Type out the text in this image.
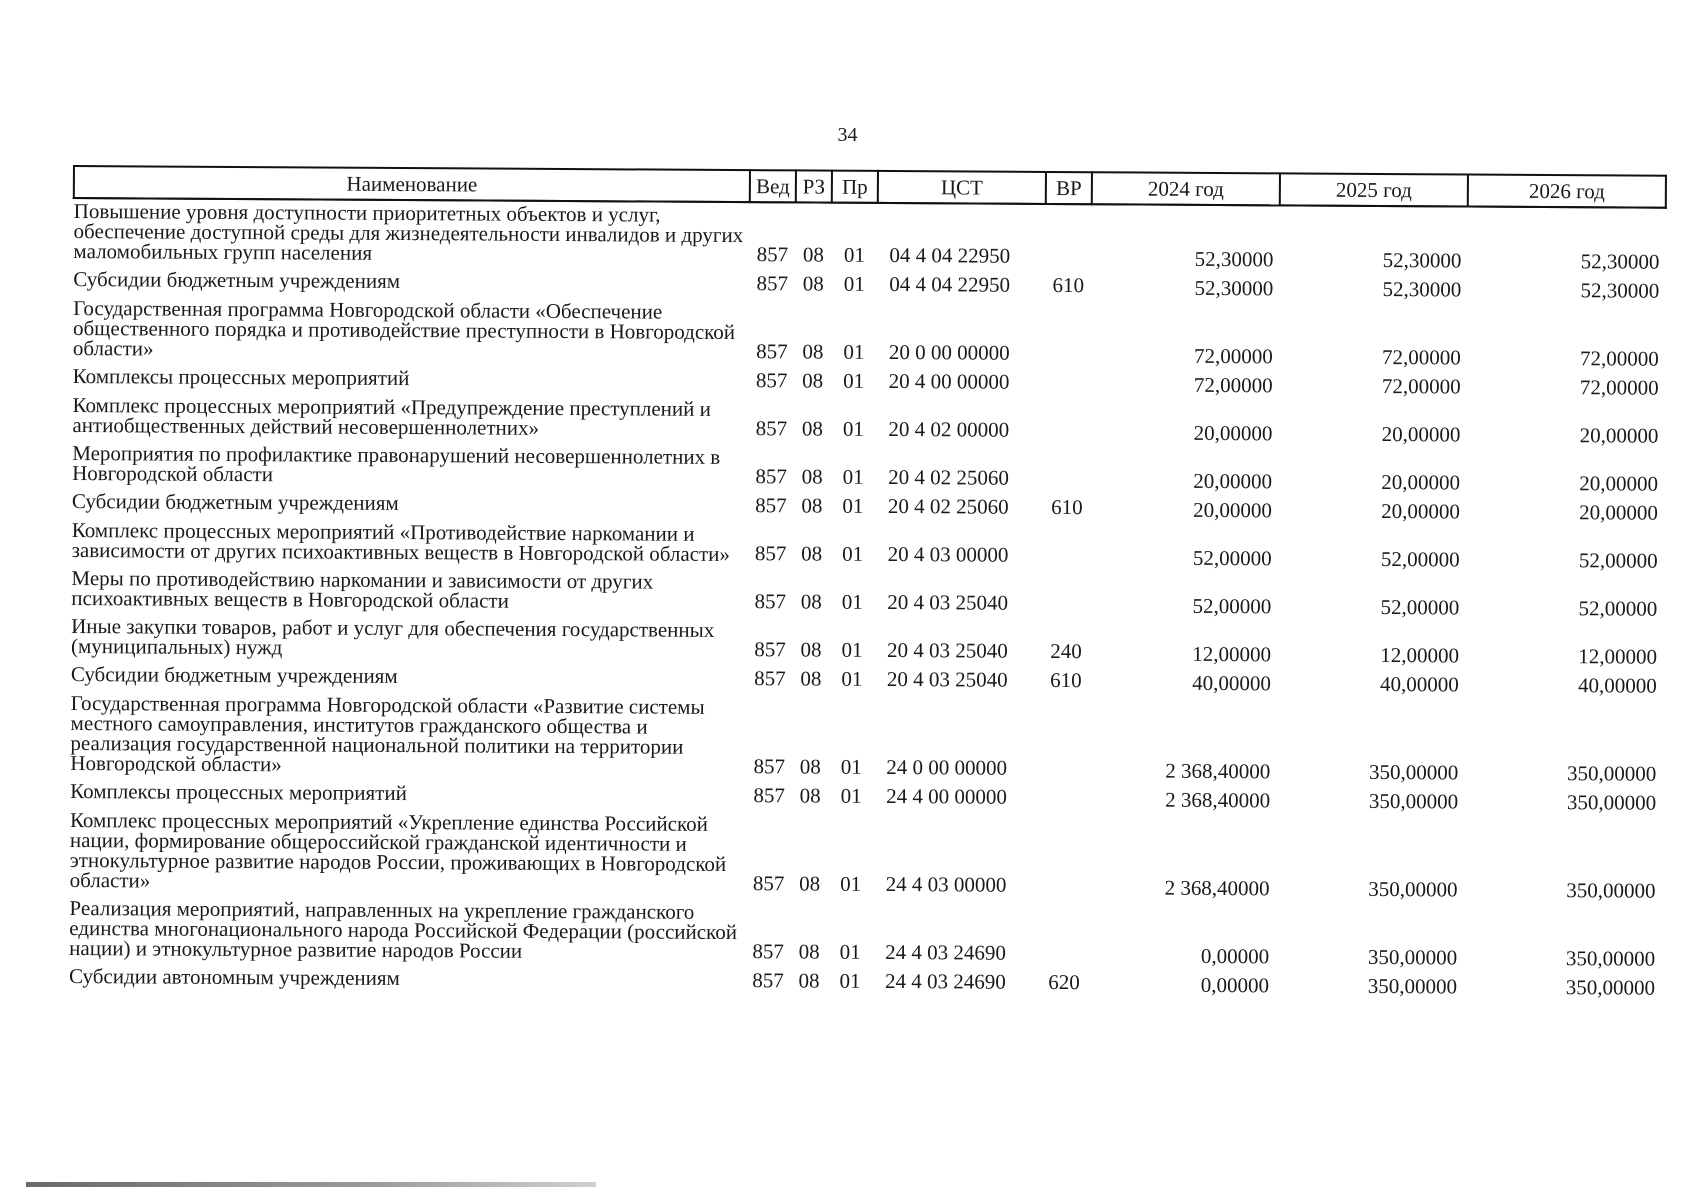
34
Наименование	Вед	РЗ	Пр	ЦСТ	ВР	2024 год	2025 год	2026 год
Повышение уровня доступности приоритетных объектов и услуг, обеспечение доступной среды для жизнедеятельности инвалидов и других маломобильных групп населения	857	08	01	04 4 04 22950		52,30000	52,30000	52,30000
Субсидии бюджетным учреждениям	857	08	01	04 4 04 22950	610	52,30000	52,30000	52,30000
Государственная программа Новгородской области «Обеспечение общественного порядка и противодействие преступности в Новгородской области»	857	08	01	20 0 00 00000		72,00000	72,00000	72,00000
Комплексы процессных мероприятий	857	08	01	20 4 00 00000		72,00000	72,00000	72,00000
Комплекс процессных мероприятий «Предупреждение преступлений и антиобщественных действий несовершеннолетних»	857	08	01	20 4 02 00000		20,00000	20,00000	20,00000
Мероприятия по профилактике правонарушений несовершеннолетних в Новгородской области	857	08	01	20 4 02 25060		20,00000	20,00000	20,00000
Субсидии бюджетным учреждениям	857	08	01	20 4 02 25060	610	20,00000	20,00000	20,00000
Комплекс процессных мероприятий «Противодействие наркомании и зависимости от других психоактивных веществ в Новгородской области»	857	08	01	20 4 03 00000		52,00000	52,00000	52,00000
Меры по противодействию наркомании и зависимости от других психоактивных веществ в Новгородской области	857	08	01	20 4 03 25040		52,00000	52,00000	52,00000
Иные закупки товаров, работ и услуг для обеспечения государственных (муниципальных) нужд	857	08	01	20 4 03 25040	240	12,00000	12,00000	12,00000
Субсидии бюджетным учреждениям	857	08	01	20 4 03 25040	610	40,00000	40,00000	40,00000
Государственная программа Новгородской области «Развитие системы местного самоуправления, институтов гражданского общества и реализация государственной национальной политики на территории Новгородской области»	857	08	01	24 0 00 00000		2 368,40000	350,00000	350,00000
Комплексы процессных мероприятий	857	08	01	24 4 00 00000		2 368,40000	350,00000	350,00000
Комплекс процессных мероприятий «Укрепление единства Российской нации, формирование общероссийской гражданской идентичности и этнокультурное развитие народов России, проживающих в Новгородской области»	857	08	01	24 4 03 00000		2 368,40000	350,00000	350,00000
Реализация мероприятий, направленных на укрепление гражданского единства многонационального народа Российской Федерации (российской нации) и этнокультурное развитие народов России	857	08	01	24 4 03 24690		0,00000	350,00000	350,00000
Субсидии автономным учреждениям	857	08	01	24 4 03 24690	620	0,00000	350,00000	350,00000
